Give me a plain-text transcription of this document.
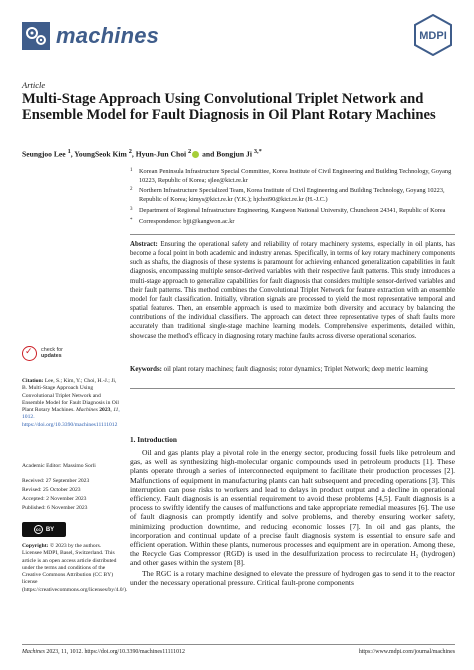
machines	MDPI
Article
Multi-Stage Approach Using Convolutional Triplet Network and Ensemble Model for Fault Diagnosis in Oil Plant Rotary Machines
Seungjoo Lee $^1$, YoungSeok Kim $^2$, Hyun-Jun Choi $^2$ and Bongjun Ji $^{3,*}$
1 Korean Peninsula Infrastructure Special Committee, Korea Institute of Civil Engineering and Building Technology, Goyang 10223, Republic of Korea; sjlee@kict.re.kr
2 Northern Infrastructure Specialized Team, Korea Institute of Civil Engineering and Building Technology, Goyang 10223, Republic of Korea; kimys@kict.re.kr (Y.K.); hjchoi90@kict.re.kr (H.-J.C.)
3 Department of Regional Infrastructure Engineering, Kangwon National University, Chuncheon 24341, Republic of Korea
* Correspondence: bjji@kangwon.ac.kr
Abstract: Ensuring the operational safety and reliability of rotary machinery systems, especially in oil plants, has become a focal point in both academic and industry arenas. Specifically, in terms of key rotary machinery components such as shafts, the diagnosis of these systems is paramount for achieving enhanced generalization capabilities in fault diagnosis, encompassing multiple sensor-derived variables with their respective fault patterns. This study introduces a multi-stage approach to generalize capabilities for fault diagnosis that considers multiple sensor-derived variables and their fault patterns. This method combines the Convolutional Triplet Network for feature extraction with an ensemble model for fault classification. Initially, vibration signals are processed to yield the most representative temporal and spatial features. Then, an ensemble approach is used to maximize both diversity and accuracy by balancing the contributions of the individual classifiers. The approach can detect three representative types of shaft faults more accurately than traditional single-stage machine learning models. Comprehensive experiments, detailed within, showcase the method's efficacy in diagnosing rotary machine faults across diverse operational scenarios.
Keywords: oil plant rotary machines; fault diagnosis; rotor dynamics; Triplet Network; deep metric learning
✓ check for
updates
Citation: Lee, S.; Kim, Y.; Choi, H.-J.; Ji, B. Multi-Stage Approach Using Convolutional Triplet Network and Ensemble Model for Fault Diagnosis in Oil Plant Rotary Machines. Machines 2023, 11, 1012. https://doi.org/10.3390/machines11111012
Academic Editor: Massimo Sorli
Received: 27 September 2023
Revised: 25 October 2023
Accepted: 2 November 2023
Published: 6 November 2023
cc BY
Copyright: © 2023 by the authors. Licensee MDPI, Basel, Switzerland. This article is an open access article distributed under the terms and conditions of the Creative Commons Attribution (CC BY) license (https://creativecommons.org/licenses/by/4.0/).
1. Introduction

Oil and gas plants play a pivotal role in the energy sector, producing fossil fuels like petroleum and gas, as well as synthesizing high-molecular organic compounds used in petroleum products [1]. These plants operate through a series of interconnected equipment to facilitate their production processes [2]. Malfunctions of equipment in manufacturing plants can halt subsequent and preceding operations [3]. This interruption can pose risks to workers and lead to delays in product output and a decline in operational efficiency. Fault diagnosis is an essential requirement to avoid these problems [4,5]. Fault diagnosis is a process to swiftly identify the causes of malfunctions and take appropriate remedial measures [6]. The use of fault diagnosis can promptly identify and solve problems, and thereby ensuring worker safety, minimizing production downtime, and reducing economic losses [7]. In oil and gas plants, the incorporation and continual update of a precise fault diagnosis system is essential to ensure safe and efficient operation. Within these plants, numerous processes and equipment are in operation. Among these, the Recycle Gas Compressor (RGD) is used in the desulfurization process to recirculate H₂ (hydrogen) and other gases within the system [8].

The RGC is a rotary machine designed to elevate the pressure of hydrogen gas to send it to the reactor under the necessary operational pressure. Critical fault-prone components

Machines 2023, 11, 1012. https://doi.org/10.3390/machines11111012	https://www.mdpi.com/journal/machines
